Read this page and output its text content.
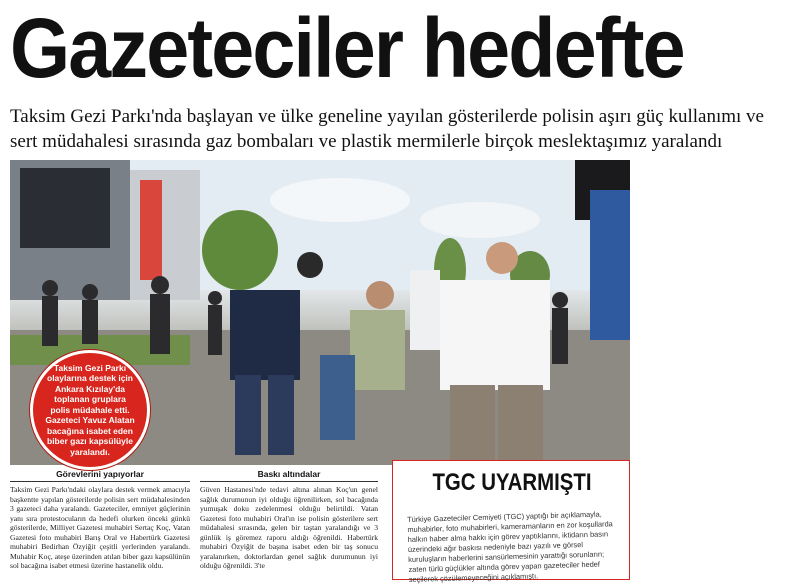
Gazeteciler hedefte
Taksim Gezi Parkı'nda başlayan ve ülke geneline yayılan gösterilerde polisin aşırı güç kullanımı ve sert müdahalesi sırasında gaz bombaları ve plastik mermilerle birçok meslektaşımız yaralandı
Taksim Gezi Parkı olaylarına destek için Ankara Kızılay'da toplanan gruplara polis müdahale etti. Gazeteci Yavuz Alatan bacağına isabet eden biber gazı kapsülüyle yaralandı.
Görevlerini yapıyorlar
Taksim Gezi Parkı'ndaki olaylara destek vermek amacıyla başkentte yapılan gösterilerde polisin sert müdahalesinden 3 gazeteci daha yaralandı. Gazeteciler, emniyet güçlerinin yanı sıra protestocuların da hedefi olurken önceki günkü gösterilerde, Milliyet Gazetesi muhabiri Sertaç Koç, Vatan Gazetesi foto muhabiri Barış Oral ve Habertürk Gazetesi muhabiri Bedirhan Özyiğit çeşitli yerlerinden yaralandı. Muhabir Koç, ateşe üzerinden atılan biber gazı kapsülünün sol bacağına isabet etmesi üzerine hastanelik oldu.
Baskı altındalar
Güven Hastanesi'nde tedavi altına alınan Koç'un genel sağlık durumunun iyi olduğu öğrenilirken, sol bacağında yumuşak doku zedelenmesi olduğu belirtildi. Vatan Gazetesi foto muhabiri Oral'ın ise polisin gösterilere sert müdahalesi sırasında, gelen bir taştan yaralandığı ve 3 günlük iş göremez raporu aldığı öğrenildi. Habertürk muhabiri Özyiğit de başına isabet eden bir taş sonucu yaralanırken, doktorlardan genel sağlık durumunun iyi olduğu öğrenildi. 3'te
TGC UYARMIŞTI
Türkiye Gazeteciler Cemiyeti (TGC) yaptığı bir açıklamayla, muhabirler, foto muhabirleri, kameramanların en zor koşullarda halkın haber alma hakkı için görev yaptıklarını, iktidarın basın üzerindeki ağır baskısı nedeniyle bazı yazılı ve görsel kuruluşların haberlerini sansürlemesinin yarattığı sorunların; zaten türlü güçlükler altında görev yapan gazeteciler hedef seçilerek çözülemeyeceğini açıklamıştı.
